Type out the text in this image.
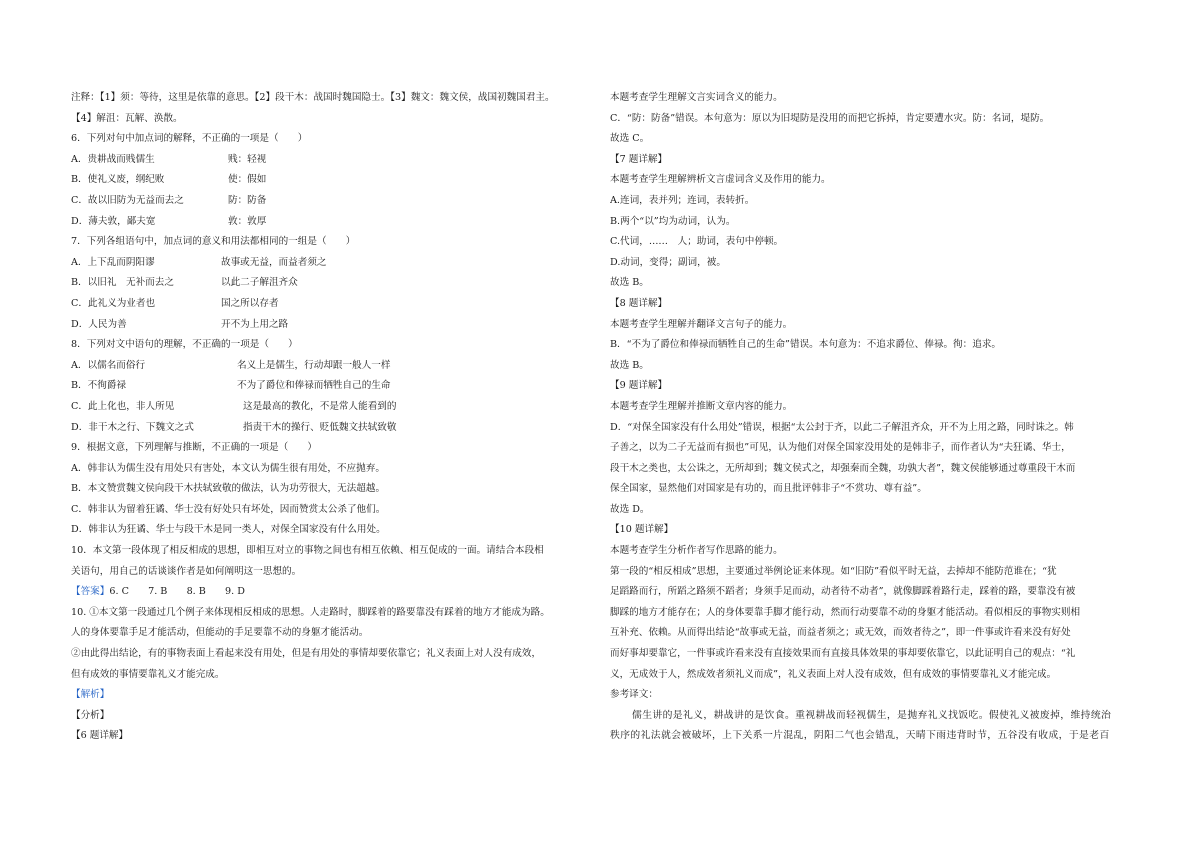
注释：【1】须：等待，这里是依靠的意思。【2】段干木：战国时魏国隐士。【3】魏文：魏文侯，战国初魏国君主。
【4】解沮：瓦解、涣散。
6．下列对句中加点词的解释，不正确的一项是（　　）
A．贵耕战而贱儒生	贱：轻视
B．使礼义废，纲纪败	使：假如
C．故以旧防为无益而去之	防：防备
D．薄夫敦，鄙夫宽	敦：敦厚
7．下列各组语句中，加点词的意义和用法都相同的一组是（　　）
A．上下乱而阴阳谬	故事或无益，而益者须之
B．以旧礼　无补而去之	以此二子解沮齐众
C．此礼义为业者也	国之所以存者
D．人民为善	开不为上用之路
8．下列对文中语句的理解，不正确的一项是（　　）
A．以儒名而俗行	名义上是儒生，行动却跟一般人一样
B．不徇爵禄	不为了爵位和俸禄而牺牲自己的生命
C．此上化也，非人所见	这是最高的教化，不是常人能看到的
D．非干木之行、下魏文之式	指责干木的操行、贬低魏文扶轼致敬
9．根据文意，下列理解与推断，不正确的一项是（　　）
A．韩非认为儒生没有用处只有害处，本文认为儒生很有用处，不应抛弃。
B．本文赞赏魏文侯向段干木扶轼致敬的做法，认为功劳很大，无法超越。
C．韩非认为留着狂谲、华士没有好处只有坏处，因而赞赏太公杀了他们。
D．韩非认为狂谲、华士与段干木是同一类人，对保全国家没有什么用处。
10．本文第一段体现了相反相成的思想，即相互对立的事物之间也有相互依赖、相互促成的一面。请结合本段相
关语句，用自己的话谈谈作者是如何阐明这一思想的。
【答案】6. C　　 7. B　　 8. B　　 9. D
10. ①本文第一段通过几个例子来体现相反相成的思想。人走路时，脚踩着的路要靠没有踩着的地方才能成为路。
人的身体要靠手足才能活动，但能动的手足要靠不动的身躯才能活动。
②由此得出结论，有的事物表面上看起来没有用处，但是有用处的事情却要依靠它；礼义表面上对人没有成效，
但有成效的事情要靠礼义才能完成。
【解析】
【分析】
【6 题详解】
本题考查学生理解文言实词含义的能力。
C．“防：防备”错误。本句意为：原以为旧堤防是没用的而把它拆掉，肯定要遭水灾。防：名词，堤防。
故选 C。
【7 题详解】
本题考查学生理解辨析文言虚词含义及作用的能力。
A.连词，表并列；连词，表转折。
B.两个“以”均为动词，认为。
C.代词，……　人；助词，表句中停顿。
D.动词，变得；副词，被。
故选 B。
【8 题详解】
本题考查学生理解并翻译文言句子的能力。
B．“不为了爵位和俸禄而牺牲自己的生命”错误。本句意为：不追求爵位、俸禄。徇：追求。
故选 B。
【9 题详解】
本题考查学生理解并推断文章内容的能力。
D．“对保全国家没有什么用处”错误，根据“太公封于齐，以此二子解沮齐众，开不为上用之路，同时诛之。韩
子善之，以为二子无益而有损也”可见，认为他们对保全国家没用处的是韩非子，而作者认为“夫狂谲、华士，
段干木之类也，太公诛之，无所却到；魏文侯式之，却强秦而全魏，功孰大者”，魏文侯能够通过尊重段干木而
保全国家，显然他们对国家是有功的，而且批评韩非子“不赏功、尊有益”。
故选 D。
【10 题详解】
本题考查学生分析作者写作思路的能力。
第一段的“相反相成”思想，主要通过举例论证来体现。如“旧防”看似平时无益，去掉却不能防范谁在；“犹
足蹈路而行，所蹈之路须不蹈者；身须手足而动，动者待不动者”，就像脚踩着路行走，踩着的路，要靠没有被
脚踩的地方才能存在；人的身体要靠手脚才能行动，然而行动要靠不动的身躯才能活动。看似相反的事物实则相
互补充、依赖。从而得出结论“故事或无益，而益者须之；或无效，而效者待之”，即一件事或许看来没有好处
而好事却要靠它，一件事或许看来没有直接效果而有直接具体效果的事却要依靠它，以此证明自己的观点：“礼
义，无成效于人，然成效者须礼义而成”，礼义表面上对人没有成效，但有成效的事情要靠礼义才能完成。
参考译文：
儒生讲的是礼义，耕战讲的是饮食。重视耕战而轻视儒生，是抛弃礼义找饭吃。假使礼义被废掉，维持统治
秩序的礼法就会被破坏，上下关系一片混乱，阴阳二气也会错乱，天晴下雨违背时节，五谷没有收成，于是老百
